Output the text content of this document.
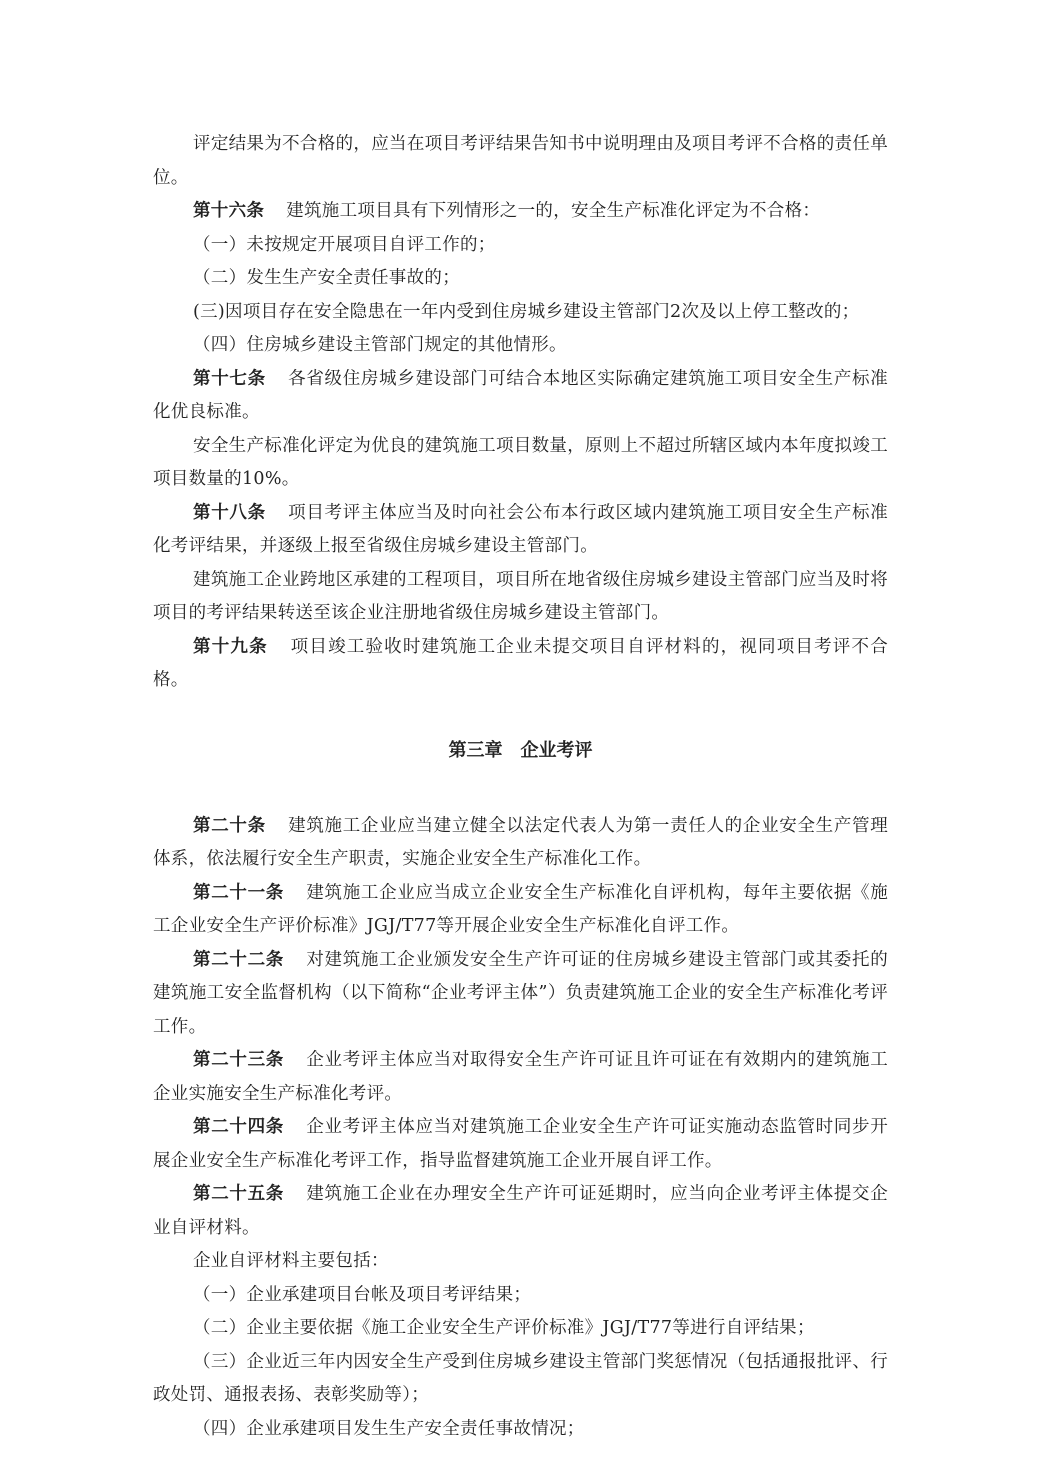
评定结果为不合格的，应当在项目考评结果告知书中说明理由及项目考评不合格的责任单位。

第十六条 建筑施工项目具有下列情形之一的，安全生产标准化评定为不合格：

（一）未按规定开展项目自评工作的；

（二）发生生产安全责任事故的；

(三)因项目存在安全隐患在一年内受到住房城乡建设主管部门2次及以上停工整改的；

（四）住房城乡建设主管部门规定的其他情形。

第十七条 各省级住房城乡建设部门可结合本地区实际确定建筑施工项目安全生产标准化优良标准。

安全生产标准化评定为优良的建筑施工项目数量，原则上不超过所辖区域内本年度拟竣工项目数量的10%。

第十八条 项目考评主体应当及时向社会公布本行政区域内建筑施工项目安全生产标准化考评结果，并逐级上报至省级住房城乡建设主管部门。

建筑施工企业跨地区承建的工程项目，项目所在地省级住房城乡建设主管部门应当及时将项目的考评结果转送至该企业注册地省级住房城乡建设主管部门。

第十九条 项目竣工验收时建筑施工企业未提交项目自评材料的，视同项目考评不合格。

第三章 企业考评

第二十条 建筑施工企业应当建立健全以法定代表人为第一责任人的企业安全生产管理体系，依法履行安全生产职责，实施企业安全生产标准化工作。

第二十一条 建筑施工企业应当成立企业安全生产标准化自评机构，每年主要依据《施工企业安全生产评价标准》JGJ/T77等开展企业安全生产标准化自评工作。

第二十二条 对建筑施工企业颁发安全生产许可证的住房城乡建设主管部门或其委托的建筑施工安全监督机构（以下简称“企业考评主体”）负责建筑施工企业的安全生产标准化考评工作。

第二十三条 企业考评主体应当对取得安全生产许可证且许可证在有效期内的建筑施工企业实施安全生产标准化考评。

第二十四条 企业考评主体应当对建筑施工企业安全生产许可证实施动态监管时同步开展企业安全生产标准化考评工作，指导监督建筑施工企业开展自评工作。

第二十五条 建筑施工企业在办理安全生产许可证延期时，应当向企业考评主体提交企业自评材料。

企业自评材料主要包括：

（一）企业承建项目台帐及项目考评结果；

（二）企业主要依据《施工企业安全生产评价标准》JGJ/T77等进行自评结果；

（三）企业近三年内因安全生产受到住房城乡建设主管部门奖惩情况（包括通报批评、行政处罚、通报表扬、表彰奖励等）；

（四）企业承建项目发生生产安全责任事故情况；
